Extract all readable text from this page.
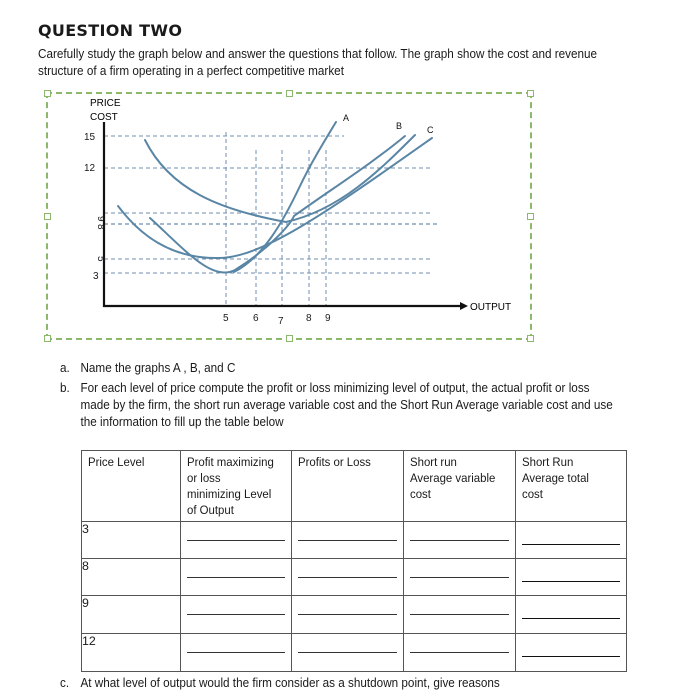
QUESTION TWO
Carefully study the graph below and answer the questions that follow. The graph show the cost and revenue structure of a firm operating in a perfect competitive market
PRICE
COST
OUTPUT
15
12
9
8
5
3
5 6 7 8 9
A
B	C
a. Name the graphs A , B, and C
b. For each level of price compute the profit or loss minimizing level of output, the actual profit or loss made by the firm, the short run average variable cost and the Short Run Average variable cost and use the information to fill up the table below
Price Level	Profit maximizing or loss minimizing Level of Output	Profits or Loss	Short run Average variable cost	Short Run Average total cost

3	

8	

9	

12	

c. At what level of output would the firm consider as a shutdown point, give reasons
